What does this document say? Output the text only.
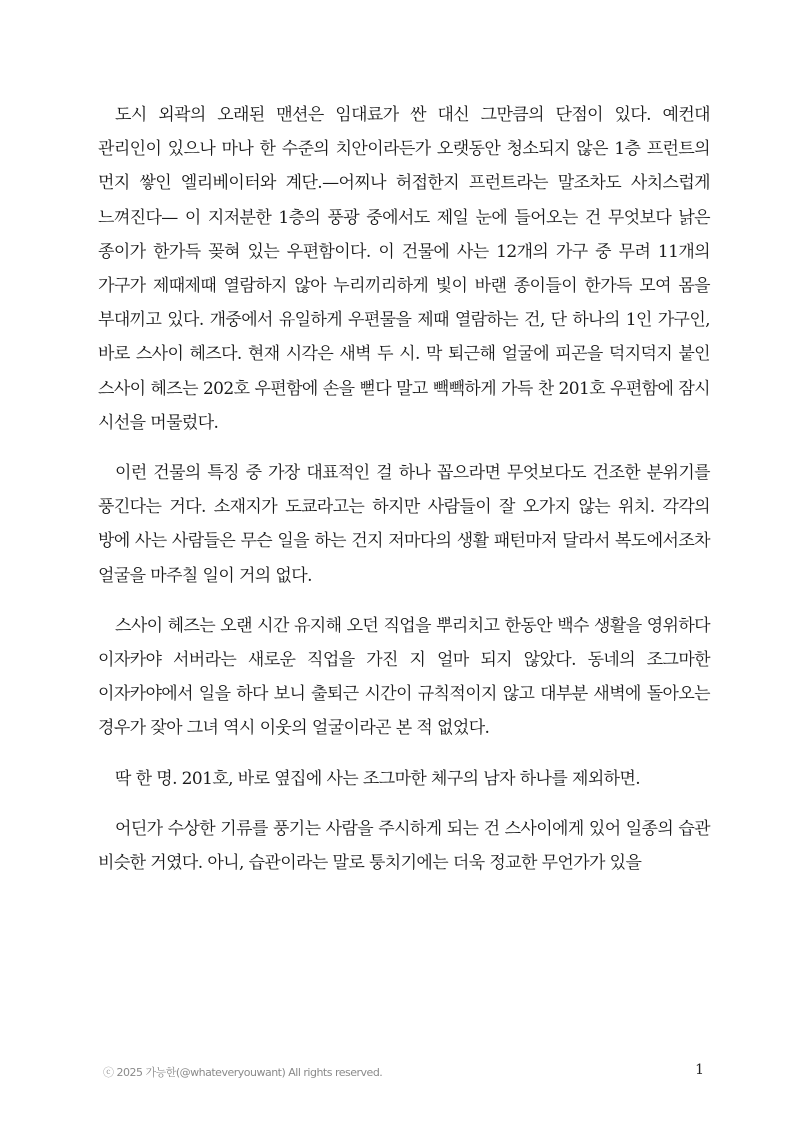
도시 외곽의 오래된 맨션은 임대료가 싼 대신 그만큼의 단점이 있다. 예컨대 관리인이 있으나 마나 한 수준의 치안이라든가 오랫동안 청소되지 않은 1층 프런트의 먼지 쌓인 엘리베이터와 계단.—어찌나 허접한지 프런트라는 말조차도 사치스럽게 느껴진다— 이 지저분한 1층의 풍광 중에서도 제일 눈에 들어오는 건 무엇보다 낡은 종이가 한가득 꽂혀 있는 우편함이다. 이 건물에 사는 12개의 가구 중 무려 11개의 가구가 제때제때 열람하지 않아 누리끼리하게 빛이 바랜 종이들이 한가득 모여 몸을 부대끼고 있다. 개중에서 유일하게 우편물을 제때 열람하는 건, 단 하나의 1인 가구인, 바로 스사이 헤즈다. 현재 시각은 새벽 두 시. 막 퇴근해 얼굴에 피곤을 덕지덕지 붙인 스사이 헤즈는 202호 우편함에 손을 뻗다 말고 빽빽하게 가득 찬 201호 우편함에 잠시 시선을 머물렀다.

이런 건물의 특징 중 가장 대표적인 걸 하나 꼽으라면 무엇보다도 건조한 분위기를 풍긴다는 거다. 소재지가 도쿄라고는 하지만 사람들이 잘 오가지 않는 위치. 각각의 방에 사는 사람들은 무슨 일을 하는 건지 저마다의 생활 패턴마저 달라서 복도에서조차 얼굴을 마주칠 일이 거의 없다.

스사이 헤즈는 오랜 시간 유지해 오던 직업을 뿌리치고 한동안 백수 생활을 영위하다 이자카야 서버라는 새로운 직업을 가진 지 얼마 되지 않았다. 동네의 조그마한 이자카야에서 일을 하다 보니 출퇴근 시간이 규칙적이지 않고 대부분 새벽에 돌아오는 경우가 잦아 그녀 역시 이웃의 얼굴이라곤 본 적 없었다.

딱 한 명. 201호, 바로 옆집에 사는 조그마한 체구의 남자 하나를 제외하면.

어딘가 수상한 기류를 풍기는 사람을 주시하게 되는 건 스사이에게 있어 일종의 습관 비슷한 거였다. 아니, 습관이라는 말로 퉁치기에는 더욱 정교한 무언가가 있을

ⓒ 2025 가능한(@whateveryouwant) All rights reserved.	1
